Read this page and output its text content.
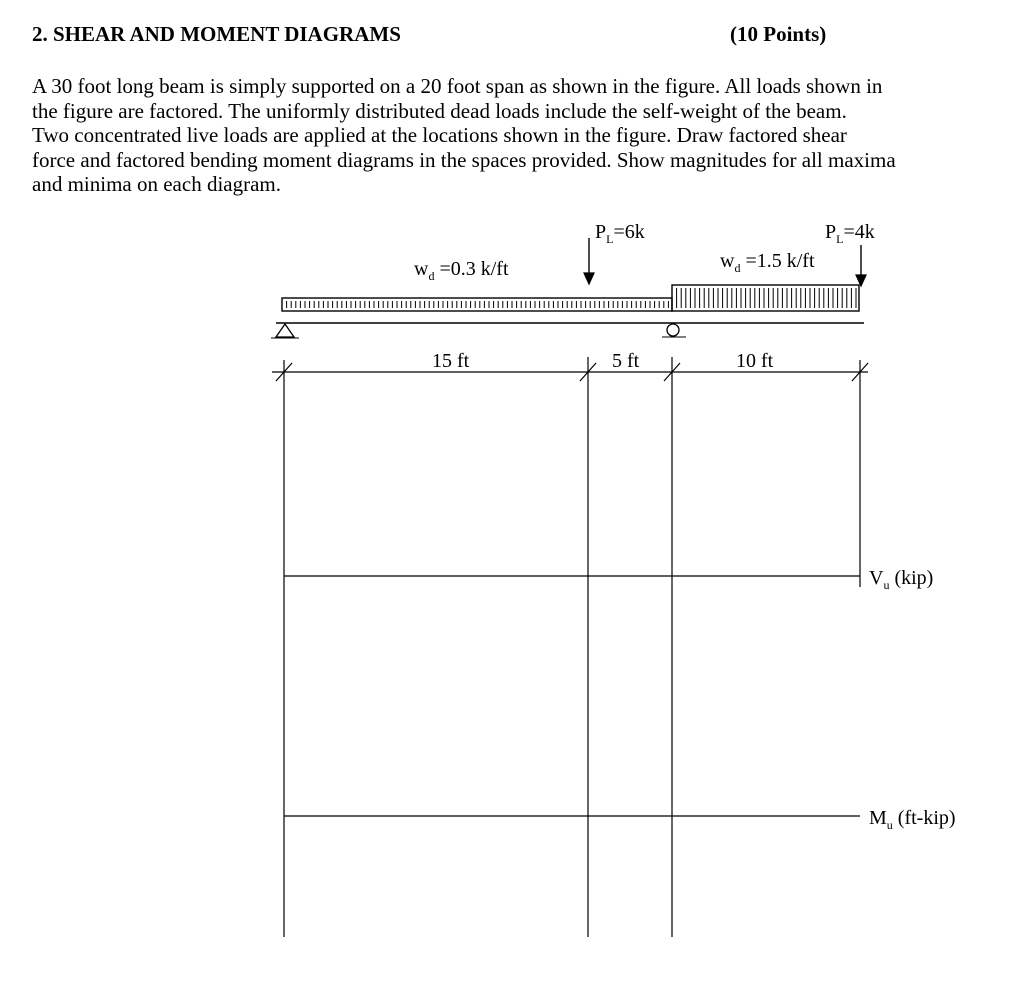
2. SHEAR AND MOMENT DIAGRAMS	(10 Points)

A 30 foot long beam is simply supported on a 20 foot span as shown in the figure. All loads shown in
the figure are factored. The uniformly distributed dead loads include the self-weight of the beam.
Two concentrated live loads are applied at the locations shown in the figure. Draw factored shear
force and factored bending moment diagrams in the spaces provided. Show magnitudes for all maxima
and minima on each diagram.

$P_L=6k$	$P_L=4k$
$w_d =0.3$ k/ft	$w_d =1.5$ k/ft
15 ft	5 ft	10 ft
$V_u$ (kip)
$M_u$ (ft-kip)
